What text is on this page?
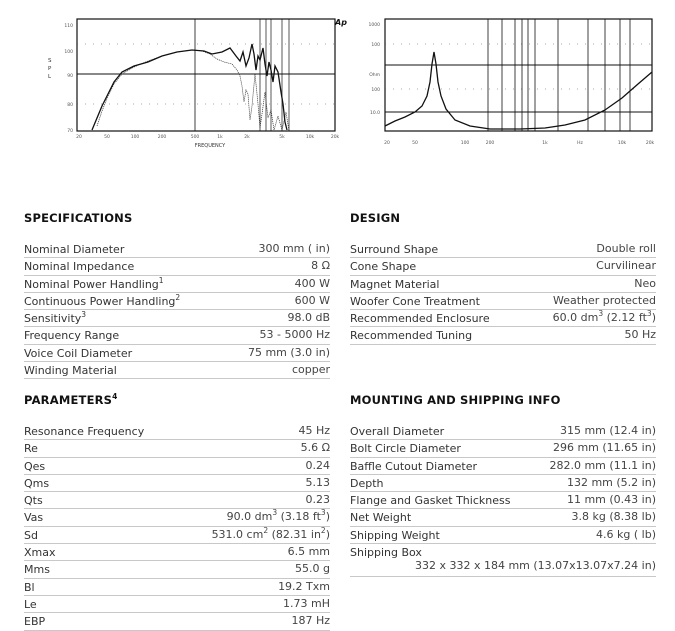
110
100
90
80
70
20	50	100	200	500	1k	2k	5k	10k	20k
FREQUENCY
Ap
S P L
1000
100
Ohm
100
10.0
20	50	100	200	1k	Hz	10k	20k
SPECIFICATIONS
Nominal Diameter	300 mm ( in)
Nominal Impedance	8 Ω
Nominal Power Handling$^1$	400 W
Continuous Power Handling$^2$	600 W
Sensitivity$^3$	98.0 dB
Frequency Range	53 - 5000 Hz
Voice Coil Diameter	75 mm (3.0 in)
Winding Material	copper
DESIGN
Surround Shape	Double roll
Cone Shape	Curvilinear
Magnet Material	Neo
Woofer Cone Treatment	Weather protected
Recommended Enclosure	60.0 $dm^3$ (2.12 $ft^3$)
Recommended Tuning	50 Hz
PARAMETERS$^4$
Resonance Frequency	45 Hz
Re	5.6 Ω
Qes	0.24
Qms	5.13
Qts	0.23
Vas	90.0 $dm^3$ (3.18 $ft^3$)
Sd	531.0 $cm^2$ (82.31 $in^2$)
Xmax	6.5 mm
Mms	55.0 g
Bl	19.2 Txm
Le	1.73 mH
EBP	187 Hz
MOUNTING AND SHIPPING INFO
Overall Diameter	315 mm (12.4 in)
Bolt Circle Diameter	296 mm (11.65 in)
Baffle Cutout Diameter	282.0 mm (11.1 in)
Depth	132 mm (5.2 in)
Flange and Gasket Thickness	11 mm (0.43 in)
Net Weight	3.8 kg (8.38 lb)
Shipping Weight	4.6 kg ( lb)
Shipping Box
332 x 332 x 184 mm (13.07x13.07x7.24 in)
